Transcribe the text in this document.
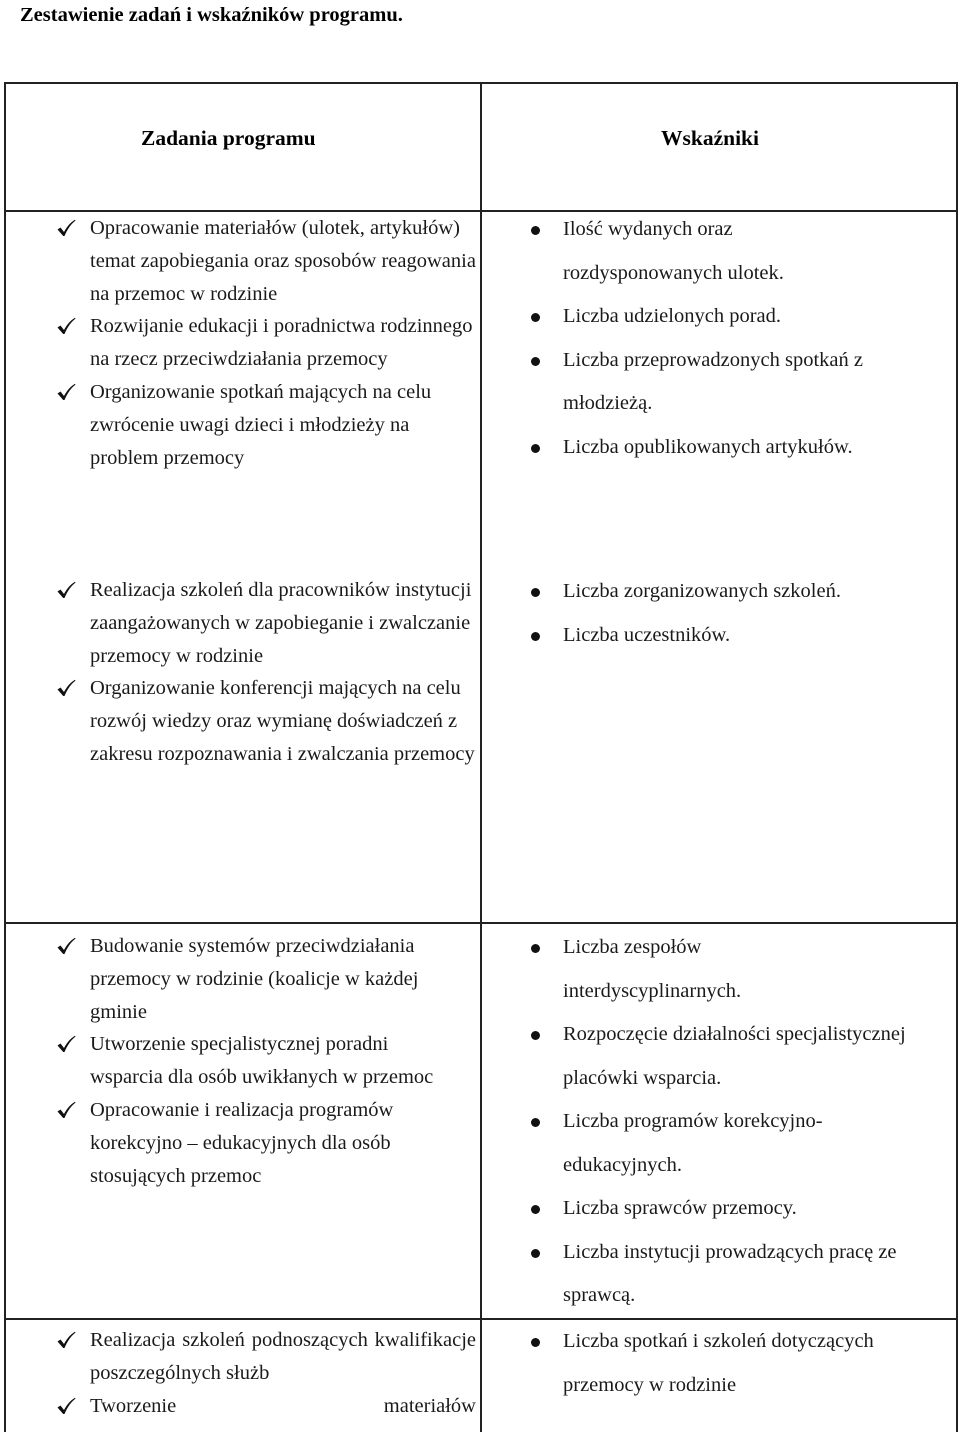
Zestawienie zadań i wskaźników programu.
Zadania programu	Wskaźniki
Opracowanie materiałów (ulotek, artykułów) temat zapobiegania oraz sposobów reagowania na przemoc w rodzinie
Rozwijanie edukacji i poradnictwa rodzinnego na rzecz przeciwdziałania przemocy
Organizowanie spotkań mających na celu zwrócenie uwagi dzieci i młodzieży na problem przemocy
Ilość wydanych oraz rozdysponowanych ulotek.
Liczba udzielonych porad.
Liczba przeprowadzonych spotkań z młodzieżą.
Liczba opublikowanych artykułów.
Realizacja szkoleń dla pracowników instytucji zaangażowanych w zapobieganie i zwalczanie przemocy w rodzinie
Organizowanie konferencji mających na celu rozwój wiedzy oraz wymianę doświadczeń z zakresu rozpoznawania i zwalczania przemocy
Liczba zorganizowanych szkoleń.
Liczba uczestników.
Budowanie systemów przeciwdziałania przemocy w rodzinie (koalicje w każdej gminie
Utworzenie specjalistycznej poradni wsparcia dla osób uwikłanych w przemoc
Opracowanie i realizacja programów korekcyjno – edukacyjnych dla osób stosujących przemoc
Liczba zespołów interdyscyplinarnych.
Rozpoczęcie działalności specjalistycznej placówki wsparcia.
Liczba programów korekcyjno-edukacyjnych.
Liczba sprawców przemocy.
Liczba instytucji prowadzących pracę ze sprawcą.
Realizacja szkoleń podnoszących kwalifikacje poszczególnych służb
Tworzenie materiałów
Liczba spotkań i szkoleń dotyczących przemocy w rodzinie
